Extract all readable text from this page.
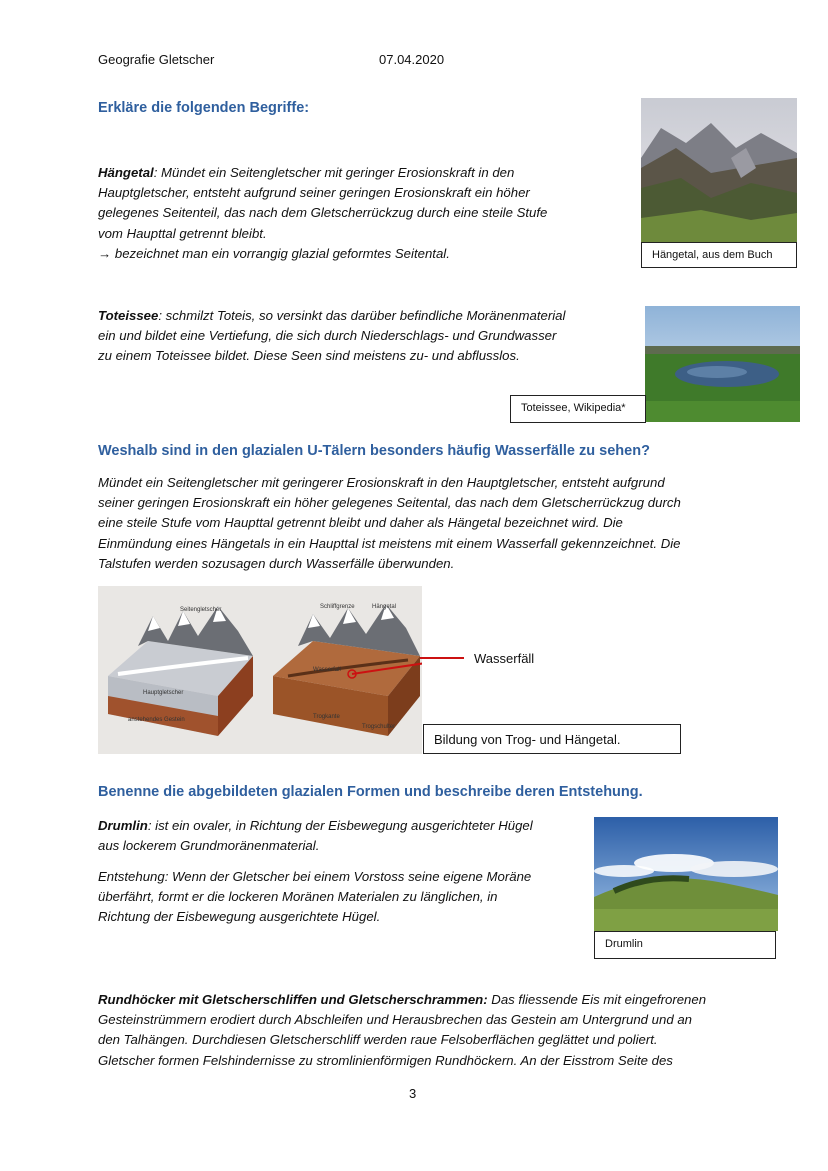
Geografie Gletscher	07.04.2020
Erkläre die folgenden Begriffe:
Hängetal: Mündet ein Seitengletscher mit geringer Erosionskraft in den
Hauptgletscher, entsteht aufgrund seiner geringen Erosionskraft ein höher
gelegenes Seitenteil, das nach dem Gletscherrückzug durch eine steile Stufe
vom Haupttal getrennt bleibt.
→ bezeichnet man ein vorrangig glazial geformtes Seitental.	Hängetal, aus dem Buch
Toteissee: schmilzt Toteis, so versinkt das darüber befindliche Moränenmaterial
ein und bildet eine Vertiefung, die sich durch Niederschlags- und Grundwasser
zu einem Toteissee bildet. Diese Seen sind meistens zu- und abflusslos.
Toteissee, Wikipedia*
Weshalb sind in den glazialen U-Tälern besonders häufig Wasserfälle zu sehen?
Mündet ein Seitengletscher mit geringerer Erosionskraft in den Hauptgletscher, entsteht aufgrund
seiner geringen Erosionskraft ein höher gelegenes Seitental, das nach dem Gletscherrückzug durch
eine steile Stufe vom Haupttal getrennt bleibt und daher als Hängetal bezeichnet wird. Die
Einmündung eines Hängetals in ein Haupttal ist meistens mit einem Wasserfall gekennzeichnet. Die
Talstufen werden sozusagen durch Wasserfälle überwunden.
Seitengletscher
Hauptgletscher
anstehendes Gestein
Schliffgrenze	Hängetal
Trogkante
Trogschulter
Wasserfall
Wasserfäll
Bildung von Trog- und Hängetal.
Benenne die abgebildeten glazialen Formen und beschreibe deren Entstehung.
Drumlin: ist ein ovaler, in Richtung der Eisbewegung ausgerichteter Hügel
aus lockerem Grundmoränenmaterial.
Entstehung: Wenn der Gletscher bei einem Vorstoss seine eigene Moräne
überfährt, formt er die lockeren Moränen Materialen zu länglichen, in
Richtung der Eisbewegung ausgerichtete Hügel.
Drumlin
Rundhöcker mit Gletscherschliffen und Gletscherschrammen: Das fliessende Eis mit eingefrorenen
Gesteinstrümmern erodiert durch Abschleifen und Herausbrechen das Gestein am Untergrund und an
den Talhängen. Durchdiesen Gletscherschliff werden raue Felsoberflächen geglättet und poliert.
Gletscher formen Felshindernisse zu stromlinienförmigen Rundhöckern. An der Eisstrom Seite des
3
